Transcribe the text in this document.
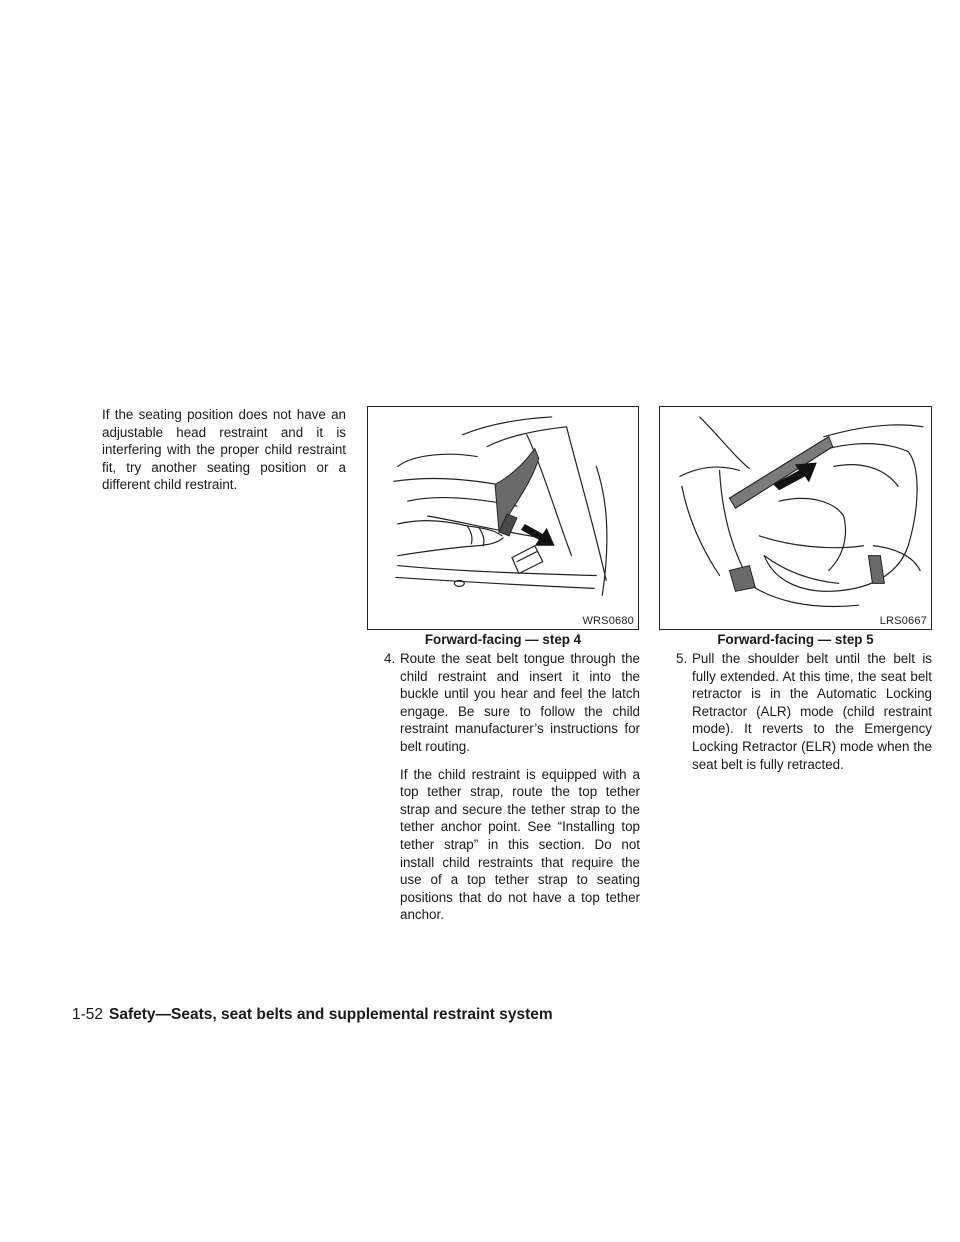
If the seating position does not have an adjustable head restraint and it is interfering with the proper child restraint fit, try another seating position or a different child restraint.
WRS0680
Forward-facing — step 4
LRS0667
Forward-facing — step 5
4. Route the seat belt tongue through the child restraint and insert it into the buckle until you hear and feel the latch engage. Be sure to follow the child restraint manufacturer’s instructions for belt routing.
If the child restraint is equipped with a top tether strap, route the top tether strap and secure the tether strap to the tether anchor point. See “Installing top tether strap” in this section. Do not install child restraints that require the use of a top tether strap to seating positions that do not have a top tether anchor.
5. Pull the shoulder belt until the belt is fully extended. At this time, the seat belt retractor is in the Automatic Locking Retractor (ALR) mode (child restraint mode). It reverts to the Emergency Locking Retractor (ELR) mode when the seat belt is fully retracted.
1-52 Safety—Seats, seat belts and supplemental restraint system
